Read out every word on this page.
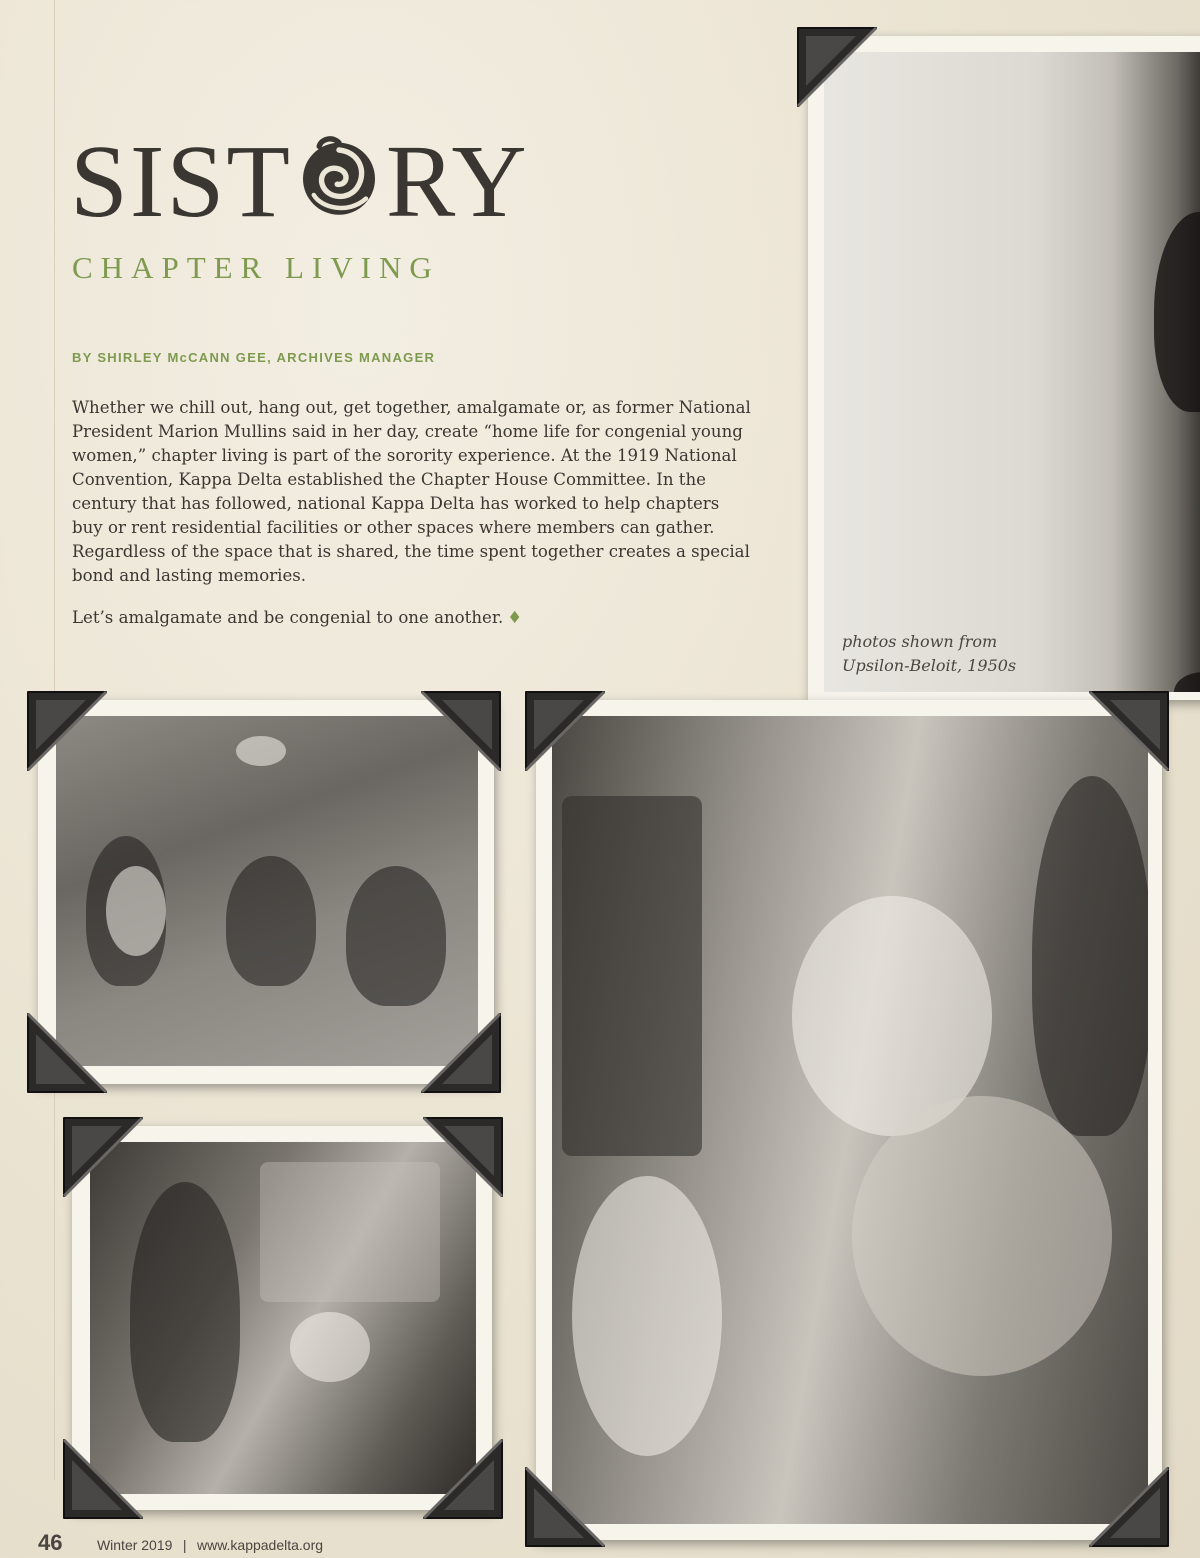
SIST RY
CHAPTER LIVING
BY SHIRLEY McCANN GEE, ARCHIVES MANAGER
Whether we chill out, hang out, get together, amalgamate or, as former National President Marion Mullins said in her day, create “home life for congenial young women,” chapter living is part of the sorority experience. At the 1919 National Convention, Kappa Delta established the Chapter House Committee. In the century that has followed, national Kappa Delta has worked to help chapters buy or rent residential facilities or other spaces where members can gather. Regardless of the space that is shared, the time spent together creates a special bond and lasting memories.
Let’s amalgamate and be congenial to one another. ♦
photos shown from
Upsilon-Beloit, 1950s
46 Winter 2019 | www.kappadelta.org
